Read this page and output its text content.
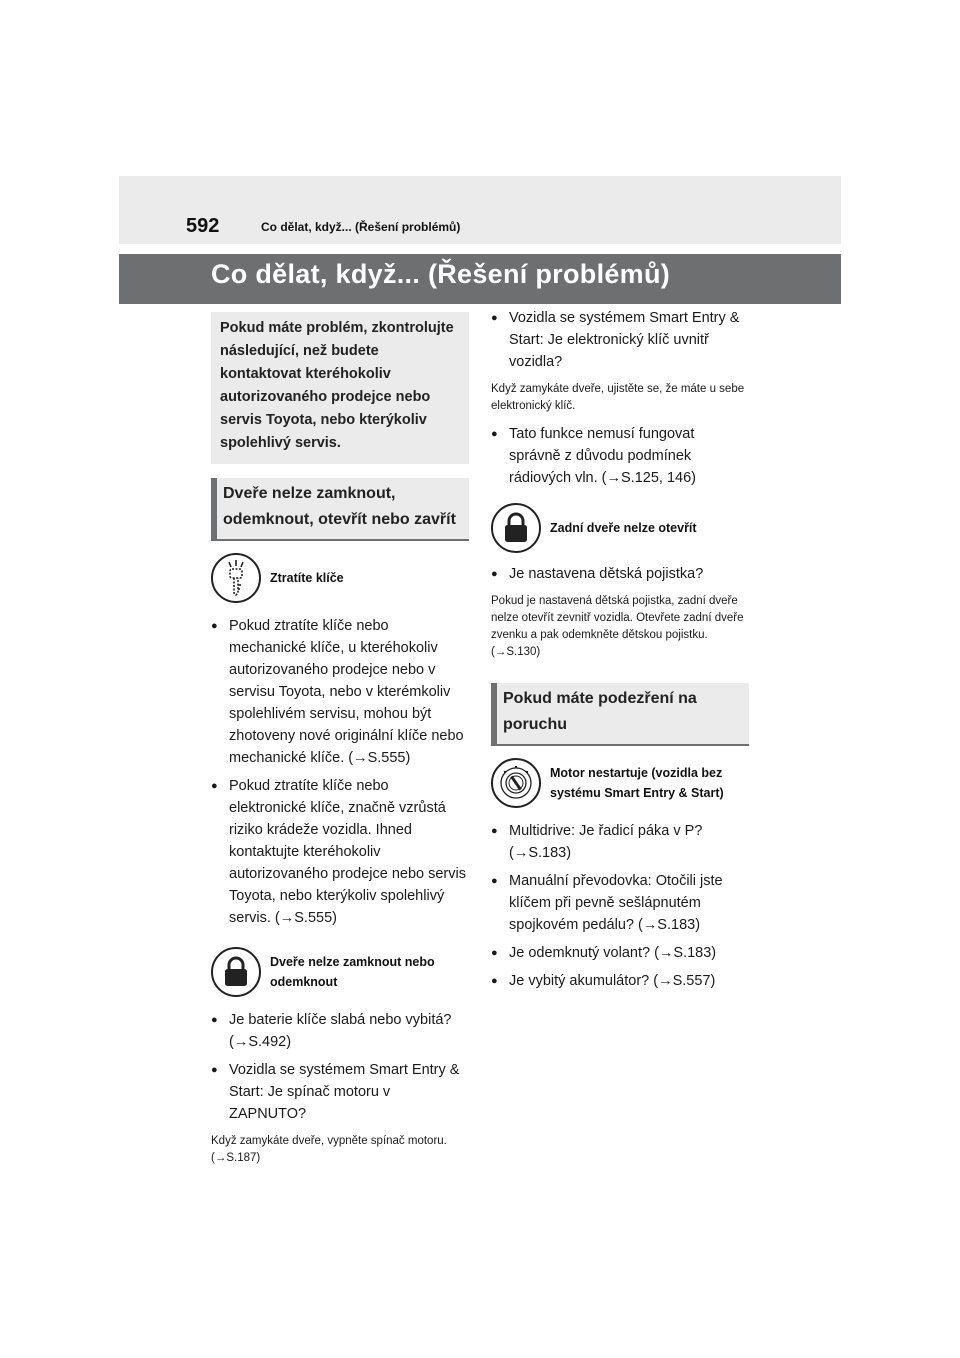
592	Co dělat, když... (Řešení problémů)
Co dělat, když... (Řešení problémů)
Pokud máte problém, zkontrolujte následující, než budete kontaktovat kteréhokoliv autorizovaného prodejce nebo servis Toyota, nebo kterýkoliv spolehlivý servis.
Dveře nelze zamknout, odemknout, otevřít nebo zavřít
Ztratíte klíče
● Pokud ztratíte klíče nebo mechanické klíče, u kteréhokoliv autorizovaného prodejce nebo v servisu Toyota, nebo v kterémkoliv spolehlivém servisu, mohou být zhotoveny nové originální klíče nebo mechanické klíče. (→S.555)
● Pokud ztratíte klíče nebo elektronické klíče, značně vzrůstá riziko krádeže vozidla. Ihned kontaktujte kteréhokoliv autorizovaného prodejce nebo servis Toyota, nebo kterýkoliv spolehlivý servis. (→S.555)
Dveře nelze zamknout nebo odemknout
● Je baterie klíče slabá nebo vybitá? (→S.492)
● Vozidla se systémem Smart Entry & Start: Je spínač motoru v ZAPNUTO?
Když zamykáte dveře, vypněte spínač motoru. (→S.187)
● Vozidla se systémem Smart Entry & Start: Je elektronický klíč uvnitř vozidla?
Když zamykáte dveře, ujistěte se, že máte u sebe elektronický klíč.
● Tato funkce nemusí fungovat správně z důvodu podmínek rádiových vln. (→S.125, 146)
Zadní dveře nelze otevřít
● Je nastavena dětská pojistka?
Pokud je nastavená dětská pojistka, zadní dveře nelze otevřít zevnitř vozidla. Otevřete zadní dveře zvenku a pak odemkněte dětskou pojistku. (→S.130)
Pokud máte podezření na poruchu
Motor nestartuje (vozidla bez systému Smart Entry & Start)
● Multidrive: Je řadicí páka v P? (→S.183)
● Manuální převodovka: Otočili jste klíčem při pevně sešlápnutém spojkovém pedálu? (→S.183)
● Je odemknutý volant? (→S.183)
● Je vybitý akumulátor? (→S.557)
